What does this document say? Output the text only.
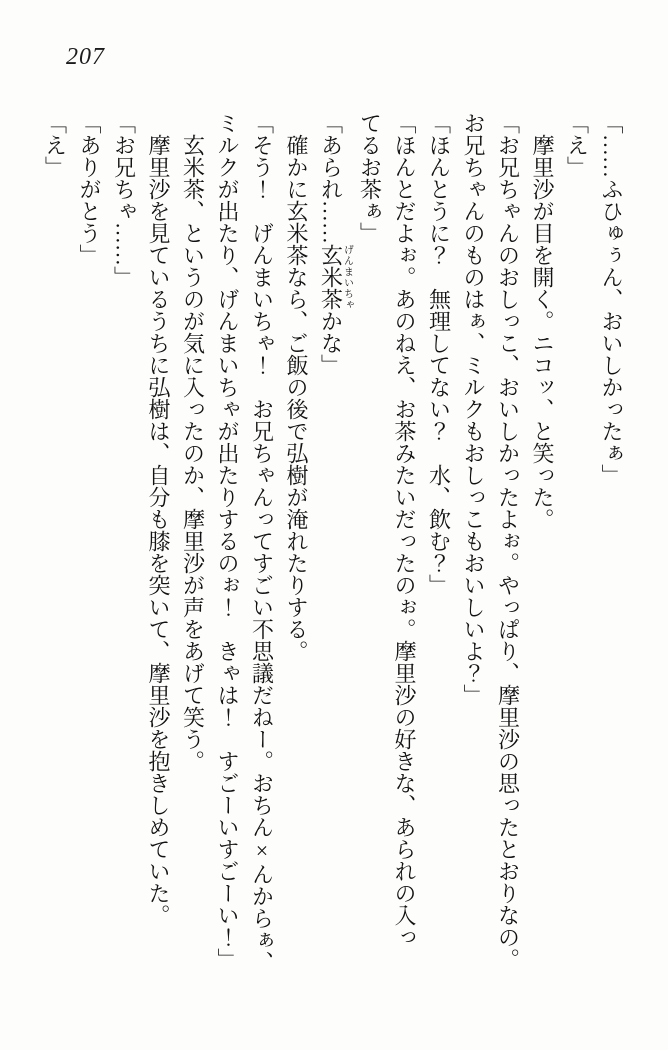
207

「……ふひゅぅん、おいしかったぁ」

「え」

　摩里沙が目を開く。ニコッ、と笑った。

「お兄ちゃんのおしっこ、おいしかったよぉ。やっぱり、摩里沙の思ったとおりなの。

お兄ちゃんのものはぁ、ミルクもおしっこもおいしいよ？」

「ほんとうに？　無理してない？　水、飲む？」

「ほんとだよぉ。あのねえ、お茶みたいだったのぉ。摩里沙の好きな、あられの入っ

てるお茶ぁ」

「あられ……玄米茶げんまいちゃかな」

　確かに玄米茶なら、ご飯の後で弘樹が淹れたりする。

「そう！　げんまいちゃ！　お兄ちゃんってすごい不思議だねー。おちん×んからぁ、

ミルクが出たり、げんまいちゃが出たりするのぉ！　きゃは！　すごーいすごーい！」

　玄米茶、というのが気に入ったのか、摩里沙が声をあげて笑う。

　摩里沙を見ているうちに弘樹は、自分も膝を突いて、摩里沙を抱きしめていた。

「お兄ちゃ……」

「ありがとう」

「え」
